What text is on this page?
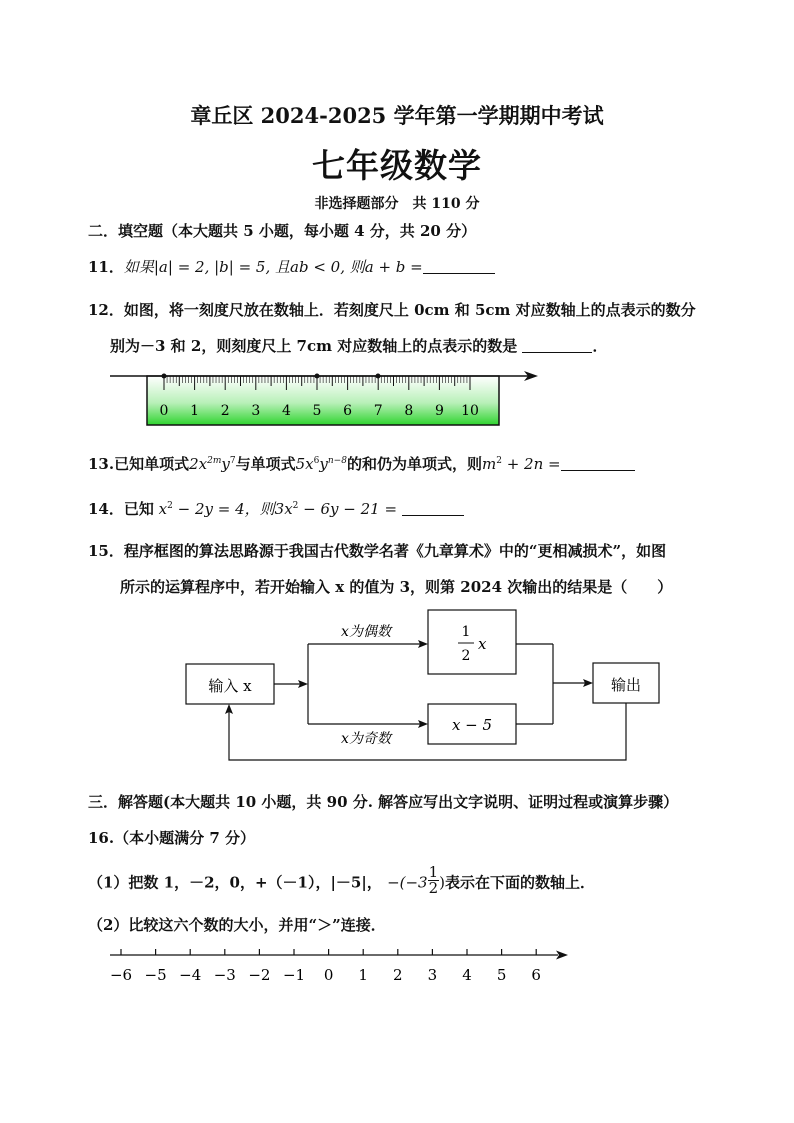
章丘区 2024-2025 学年第一学期期中考试
七年级数学
非选择题部分　共 110 分
二．填空题（本大题共 5 小题，每小题 4 分，共 20 分）
11．如果|a| = 2, |b| = 5, 且ab < 0, 则a + b =
12．如图，将一刻度尺放在数轴上．若刻度尺上 0cm 和 5cm 对应数轴上的点表示的数分
别为－3 和 2，则刻度尺上 7cm 对应数轴上的点表示的数是	．
0 1 2 3 4 5 6 7 8 9 10
13.已知单项式$2x^{2m}y^7$与单项式$5x^6y^{n-8}$的和仍为单项式，则$m^2 + 2n$ =
14．已知 $x^2 - 2y = 4$，则$3x^2 - 6y - 21$ =
15．程序框图的算法思路源于我国古代数学名著《九章算术》中的“更相减损术”，如图
所示的运算程序中，若开始输入 x 的值为 3，则第 2024 次输出的结果是（　　）
输入 x
x为偶数
x为奇数
1
2
x
x − 5
输出
三．解答题(本大题共 10 小题，共 90 分. 解答应写出文字说明、证明过程或演算步骤）
16.（本小题满分 7 分）
（1）把数 1，－2，0，+（－1），|－5|， $-(-3 \frac{1}{2}$ )表示在下面的数轴上．
（2）比较这六个数的大小，并用“＞”连接．
−6 −5 −4 −3 −2 −1 0 1 2 3 4 5 6
